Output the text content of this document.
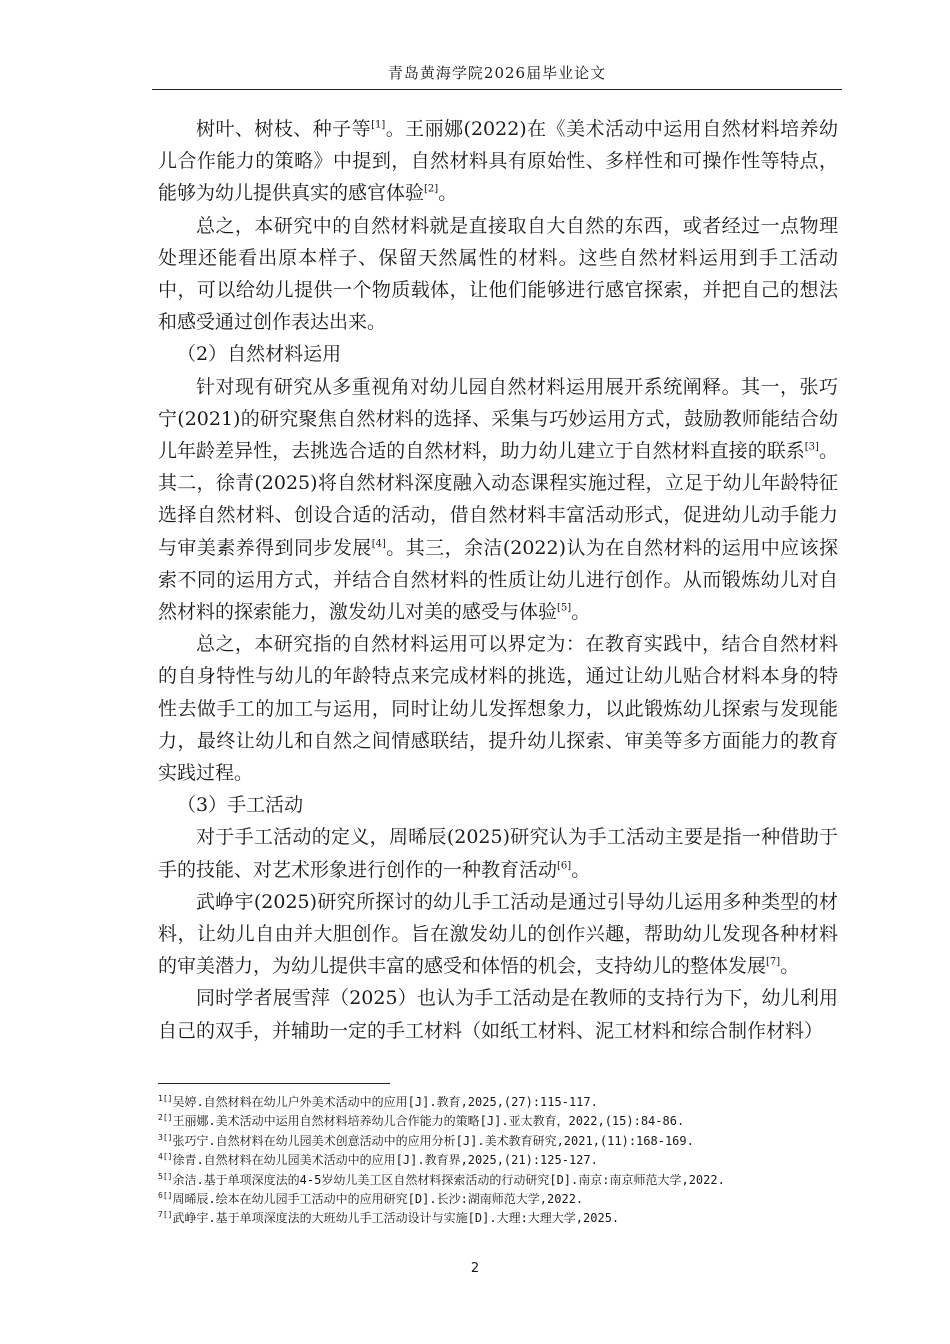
青岛黄海学院2026届毕业论文

树叶、树枝、种子等[1]。王丽娜(2022)在《美术活动中运用自然材料培养幼儿合作能力的策略》中提到，自然材料具有原始性、多样性和可操作性等特点，能够为幼儿提供真实的感官体验[2]。

总之，本研究中的自然材料就是直接取自大自然的东西，或者经过一点物理处理还能看出原本样子、保留天然属性的材料。这些自然材料运用到手工活动中，可以给幼儿提供一个物质载体，让他们能够进行感官探索，并把自己的想法和感受通过创作表达出来。

（2）自然材料运用

针对现有研究从多重视角对幼儿园自然材料运用展开系统阐释。其一，张巧宁(2021)的研究聚焦自然材料的选择、采集与巧妙运用方式，鼓励教师能结合幼儿年龄差异性，去挑选合适的自然材料，助力幼儿建立于自然材料直接的联系[3]。其二，徐青(2025)将自然材料深度融入动态课程实施过程，立足于幼儿年龄特征选择自然材料、创设合适的活动，借自然材料丰富活动形式，促进幼儿动手能力与审美素养得到同步发展[4]。其三，余洁(2022)认为在自然材料的运用中应该探索不同的运用方式，并结合自然材料的性质让幼儿进行创作。从而锻炼幼儿对自然材料的探索能力，激发幼儿对美的感受与体验[5]。

总之，本研究指的自然材料运用可以界定为：在教育实践中，结合自然材料的自身特性与幼儿的年龄特点来完成材料的挑选，通过让幼儿贴合材料本身的特性去做手工的加工与运用，同时让幼儿发挥想象力，以此锻炼幼儿探索与发现能力，最终让幼儿和自然之间情感联结，提升幼儿探索、审美等多方面能力的教育实践过程。

（3）手工活动

对于手工活动的定义，周晞辰(2025)研究认为手工活动主要是指一种借助于手的技能、对艺术形象进行创作的一种教育活动[6]。

武峥宇(2025)研究所探讨的幼儿手工活动是通过引导幼儿运用多种类型的材料，让幼儿自由并大胆创作。旨在激发幼儿的创作兴趣，帮助幼儿发现各种材料的审美潜力，为幼儿提供丰富的感受和体悟的机会，支持幼儿的整体发展[7]。

同时学者展雪萍（2025）也认为手工活动是在教师的支持行为下，幼儿利用自己的双手，并辅助一定的手工材料（如纸工材料、泥工材料和综合制作材料）

$^{1[]}$吴婷.自然材料在幼儿户外美术活动中的应用[J].教育,2025,(27):115-117.
$^{2[]}$王丽娜.美术活动中运用自然材料培养幼儿合作能力的策略[J].亚太教育，2022,(15):84-86.
$^{3[]}$张巧宁.自然材料在幼儿园美术创意活动中的应用分析[J].美术教育研究,2021,(11):168-169.
$^{4[]}$徐青.自然材料在幼儿园美术活动中的应用[J].教育界,2025,(21):125-127.
$^{5[]}$余洁.基于单项深度法的4-5岁幼儿美工区自然材料探索活动的行动研究[D].南京:南京师范大学,2022.
$^{6[]}$周晞辰.绘本在幼儿园手工活动中的应用研究[D].长沙:湖南师范大学,2022.
$^{7[]}$武峥宇.基于单项深度法的大班幼儿手工活动设计与实施[D].大理:大理大学,2025.
2
